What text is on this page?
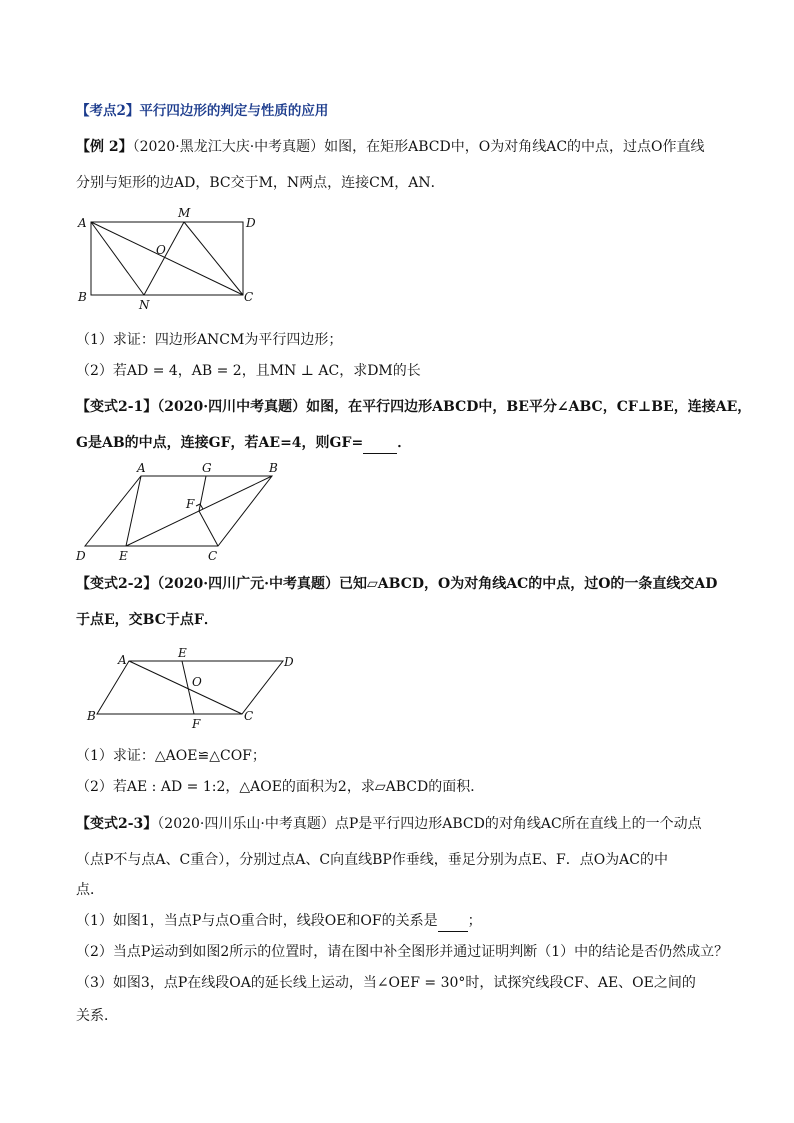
【考点2】平行四边形的判定与性质的应用
【例 2】（2020·黑龙江大庆·中考真题）如图，在矩形ABCD中，O为对角线AC的中点，过点O作直线
分别与矩形的边AD，BC交于M，N两点，连接CM，AN．
A
M
D
O
B
N
C
（1）求证：四边形ANCM为平行四边形；
（2）若AD = 4，AB = 2，且MN ⊥ AC，求DM的长
【变式2-1】（2020·四川中考真题）如图，在平行四边形ABCD中，BE平分∠ABC，CF⊥BE，连接AE，
G是AB的中点，连接GF，若AE=4，则GF= ．
A	G	B
F
D	E	C
【变式2-2】（2020·四川广元·中考真题）已知▱ABCD，O为对角线AC的中点，过O的一条直线交AD
于点E，交BC于点F．
A	E
D
O
B
F
C
（1）求证：△AOE≌△COF；
（2）若AE : AD = 1:2，△AOE的面积为2，求▱ABCD的面积．
【变式2-3】（2020·四川乐山·中考真题）点P是平行四边形ABCD的对角线AC所在直线上的一个动点
（点P不与点A、C重合），分别过点A、C向直线BP作垂线，垂足分别为点E、F．点O为AC的中
点．
（1）如图1，当点P与点O重合时，线段OE和OF的关系是 ；
（2）当点P运动到如图2所示的位置时，请在图中补全图形并通过证明判断（1）中的结论是否仍然成立？
（3）如图3，点P在线段OA的延长线上运动，当∠OEF = 30°时，试探究线段CF、AE、OE之间的
关系．
